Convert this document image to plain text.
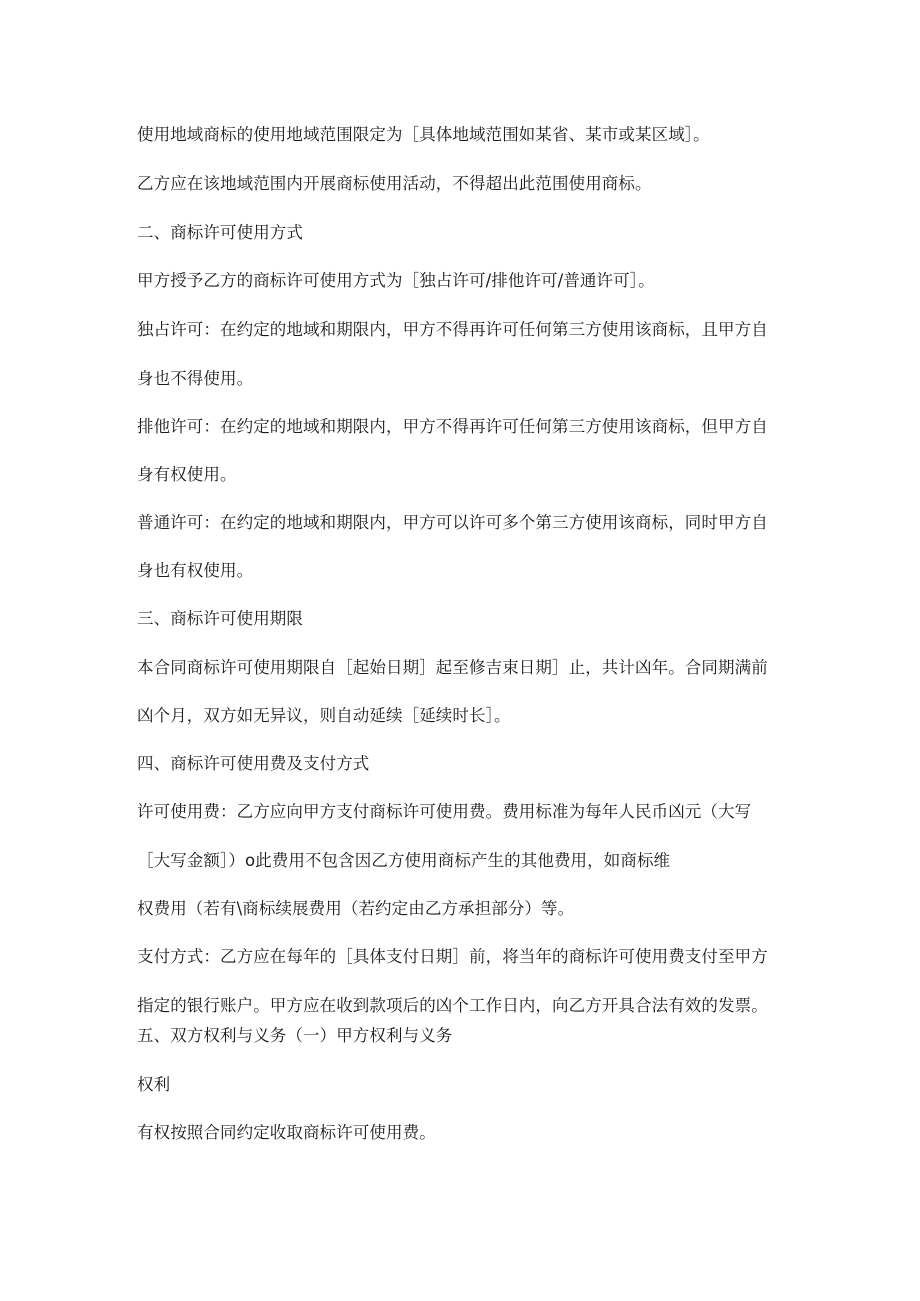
使用地域商标的使用地域范围限定为［具体地域范围如某省、某市或某区域］。
乙方应在该地域范围内开展商标使用活动，不得超出此范围使用商标。
二、商标许可使用方式
甲方授予乙方的商标许可使用方式为［独占许可/排他许可/普通许可］。
独占许可：在约定的地域和期限内，甲方不得再许可任何第三方使用该商标，且甲方自
身也不得使用。
排他许可：在约定的地域和期限内，甲方不得再许可任何第三方使用该商标，但甲方自
身有权使用。
普通许可：在约定的地域和期限内，甲方可以许可多个第三方使用该商标，同时甲方自
身也有权使用。
三、商标许可使用期限
本合同商标许可使用期限自［起始日期］起至修吉束日期］止，共计凶年。合同期满前
凶个月，双方如无异议，则自动延续［延续时长］。
四、商标许可使用费及支付方式
许可使用费：乙方应向甲方支付商标许可使用费。费用标准为每年人民币凶元（大写
［大写金额］）o此费用不包含因乙方使用商标产生的其他费用，如商标维
权费用（若有\商标续展费用（若约定由乙方承担部分）等。
支付方式：乙方应在每年的［具体支付日期］前，将当年的商标许可使用费支付至甲方
指定的银行账户。甲方应在收到款项后的凶个工作日内，向乙方开具合法有效的发票。
五、双方权利与义务（一）甲方权利与义务
权利
有权按照合同约定收取商标许可使用费。
